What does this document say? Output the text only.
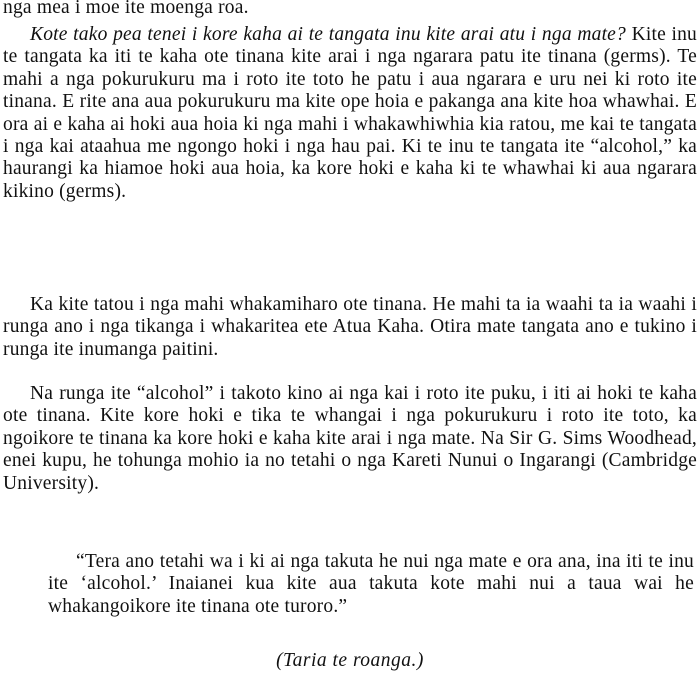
nga mea i moe ite moenga roa.
Kote tako pea tenei i kore kaha ai te tangata inu kite arai atu i nga mate? Kite inu te tangata ka iti te kaha ote tinana kite arai i nga ngarara patu ite tinana (germs). Te mahi a nga pokurukuru ma i roto ite toto he patu i aua ngarara e uru nei ki roto ite tinana. E rite ana aua pokurukuru ma kite ope hoia e pakanga ana kite hoa whawhai. E ora ai e kaha ai hoki aua hoia ki nga mahi i whakawhiwhia kia ratou, me kai te tangata i nga kai ataahua me ngongo hoki i nga hau pai. Ki te inu te tangata ite “alcohol,” ka haurangi ka hiamoe hoki aua hoia, ka kore hoki e kaha ki te whawhai ki aua ngarara kikino (germs).
Ka kite tatou i nga mahi whakamiharo ote tinana. He mahi ta ia waahi ta ia waahi i runga ano i nga tikanga i whakaritea ete Atua Kaha. Otira mate tangata ano e tukino i runga ite inumanga paitini.
Na runga ite “alcohol” i takoto kino ai nga kai i roto ite puku, i iti ai hoki te kaha ote tinana. Kite kore hoki e tika te whangai i nga pokurukuru i roto ite toto, ka ngoikore te tinana ka kore hoki e kaha kite arai i nga mate. Na Sir G. Sims Woodhead, enei kupu, he tohunga mohio ia no tetahi o nga Kareti Nunui o Ingarangi (Cambridge University).
“Tera ano tetahi wa i ki ai nga takuta he nui nga mate e ora ana, ina iti te inu ite ‘alcohol.’ Inaianei kua kite aua takuta kote mahi nui a taua wai he whakangoikore ite tinana ote turoro.”
(Taria te roanga.)
